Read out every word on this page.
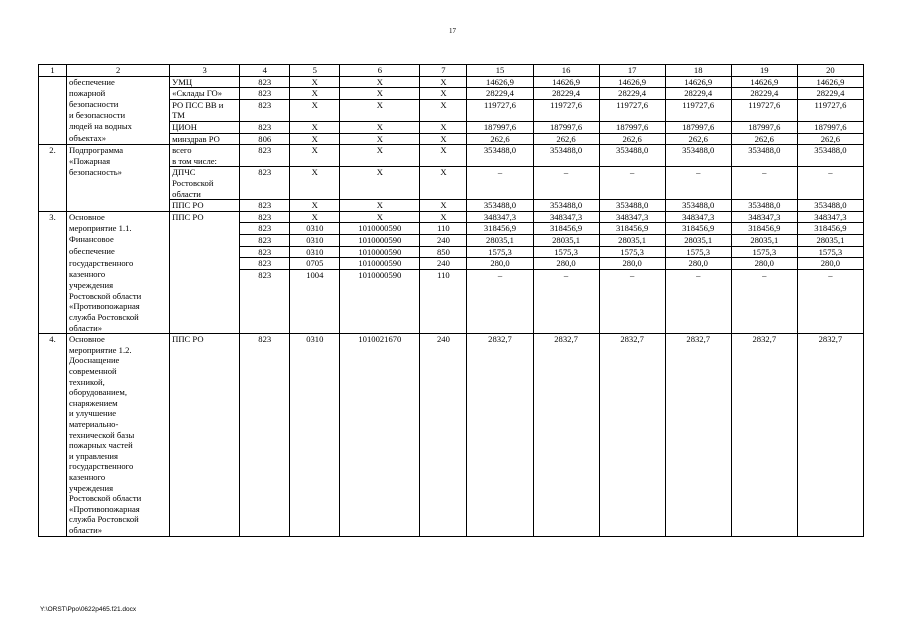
17
1	2	3	4	5	6	7	15	16	17	18	19	20
	обеспечение	УМЦ	823	X	X	X	14626,9	14626,9	14626,9	14626,9	14626,9	14626,9
	пожарной	«Склады ГО»	823	X	X	X	28229,4	28229,4	28229,4	28229,4	28229,4	28229,4
	безопасности	РО ПСС ВВ и	823	X	X	X	119727,6	119727,6	119727,6	119727,6	119727,6	119727,6
	и безопасности	ТМ										
	людей на водных	ЦИОН	823	X	X	X	187997,6	187997,6	187997,6	187997,6	187997,6	187997,6
	объектах»	минздрав РО	806	X	X	X	262,6	262,6	262,6	262,6	262,6	262,6
2.	Подпрограмма	всего	823	X	X	X	353488,0	353488,0	353488,0	353488,0	353488,0	353488,0
	«Пожарная	в том числе:										
	безопасность»	ДПЧС	823	X	X	X	–	–	–	–	–	–
		Ростовской										
		области										
		ППС РО	823	X	X	X	353488,0	353488,0	353488,0	353488,0	353488,0	353488,0
3.	Основное	ППС РО	823	X	X	X	348347,3	348347,3	348347,3	348347,3	348347,3	348347,3
	мероприятие 1.1.		823	0310	1010000590	110	318456,9	318456,9	318456,9	318456,9	318456,9	318456,9
	Финансовое		823	0310	1010000590	240	28035,1	28035,1	28035,1	28035,1	28035,1	28035,1
	обеспечение		823	0310	1010000590	850	1575,3	1575,3	1575,3	1575,3	1575,3	1575,3
	государственного		823	0705	1010000590	240	280,0	280,0	280,0	280,0	280,0	280,0
	казенного		823	1004	1010000590	110	–	–	–	–	–	–
	учреждения											
	Ростовской области											
	«Противопожарная											
	служба Ростовской											
	области»											
4.	Основное	ППС РО	823	0310	1010021670	240	2832,7	2832,7	2832,7	2832,7	2832,7	2832,7
	мероприятие 1.2.											
	Дооснащение											
	современной											
	техникой,											
	оборудованием,											
	снаряжением											
	и улучшение											
	материально-											
	технической базы											
	пожарных частей											
	и управления											
	государственного											
	казенного											
	учреждения											
	Ростовской области											
	«Противопожарная											
	служба Ростовской											
	области»											
Y:\ORST\Ppo\0622p465.f21.docx
